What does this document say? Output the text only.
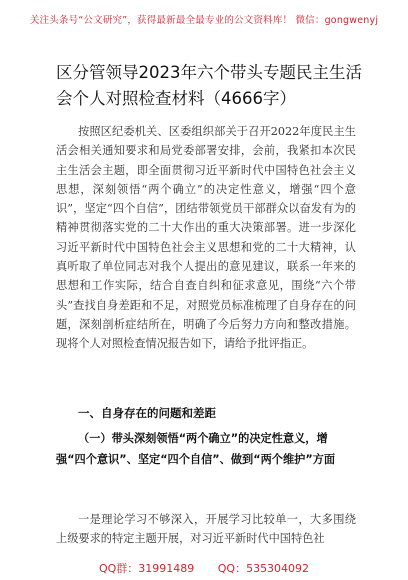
关注头条号“公文研究”，获得最新最全最专业的公文资料库！ 微信：gongwenyj
区分管领导2023年六个带头专题民主生活会个人对照检查材料（4666字）

按照区纪委机关、区委组织部关于召开2022年度民主生活会相关通知要求和局党委部署安排，会前，我紧扣本次民主生活会主题，即全面贯彻习近平新时代中国特色社会主义思想，深刻领悟“两个确立”的决定性意义，增强“四个意识”，坚定“四个自信”，团结带领党员干部群众以奋发有为的精神贯彻落实党的二十大作出的重大决策部署。进一步深化习近平新时代中国特色社会主义思想和党的二十大精神，认真听取了单位同志对我个人提出的意见建议，联系一年来的思想和工作实际，结合自查自纠和征求意见，围绕“六个带头”查找自身差距和不足，对照党员标准梳理了自身存在的问题，深刻剖析症结所在，明确了今后努力方向和整改措施。现将个人对照检查情况报告如下，请给予批评指正。

一、自身存在的问题和差距

（一）带头深刻领悟“两个确立”的决定性意义，增强“四个意识”、坚定“四个自信”、做到“两个维护”方面

一是理论学习不够深入，开展学习比较单一，大多围绕上级要求的特定主题开展，对习近平新时代中国特色社

QQ群：31991489 QQ：535304092
